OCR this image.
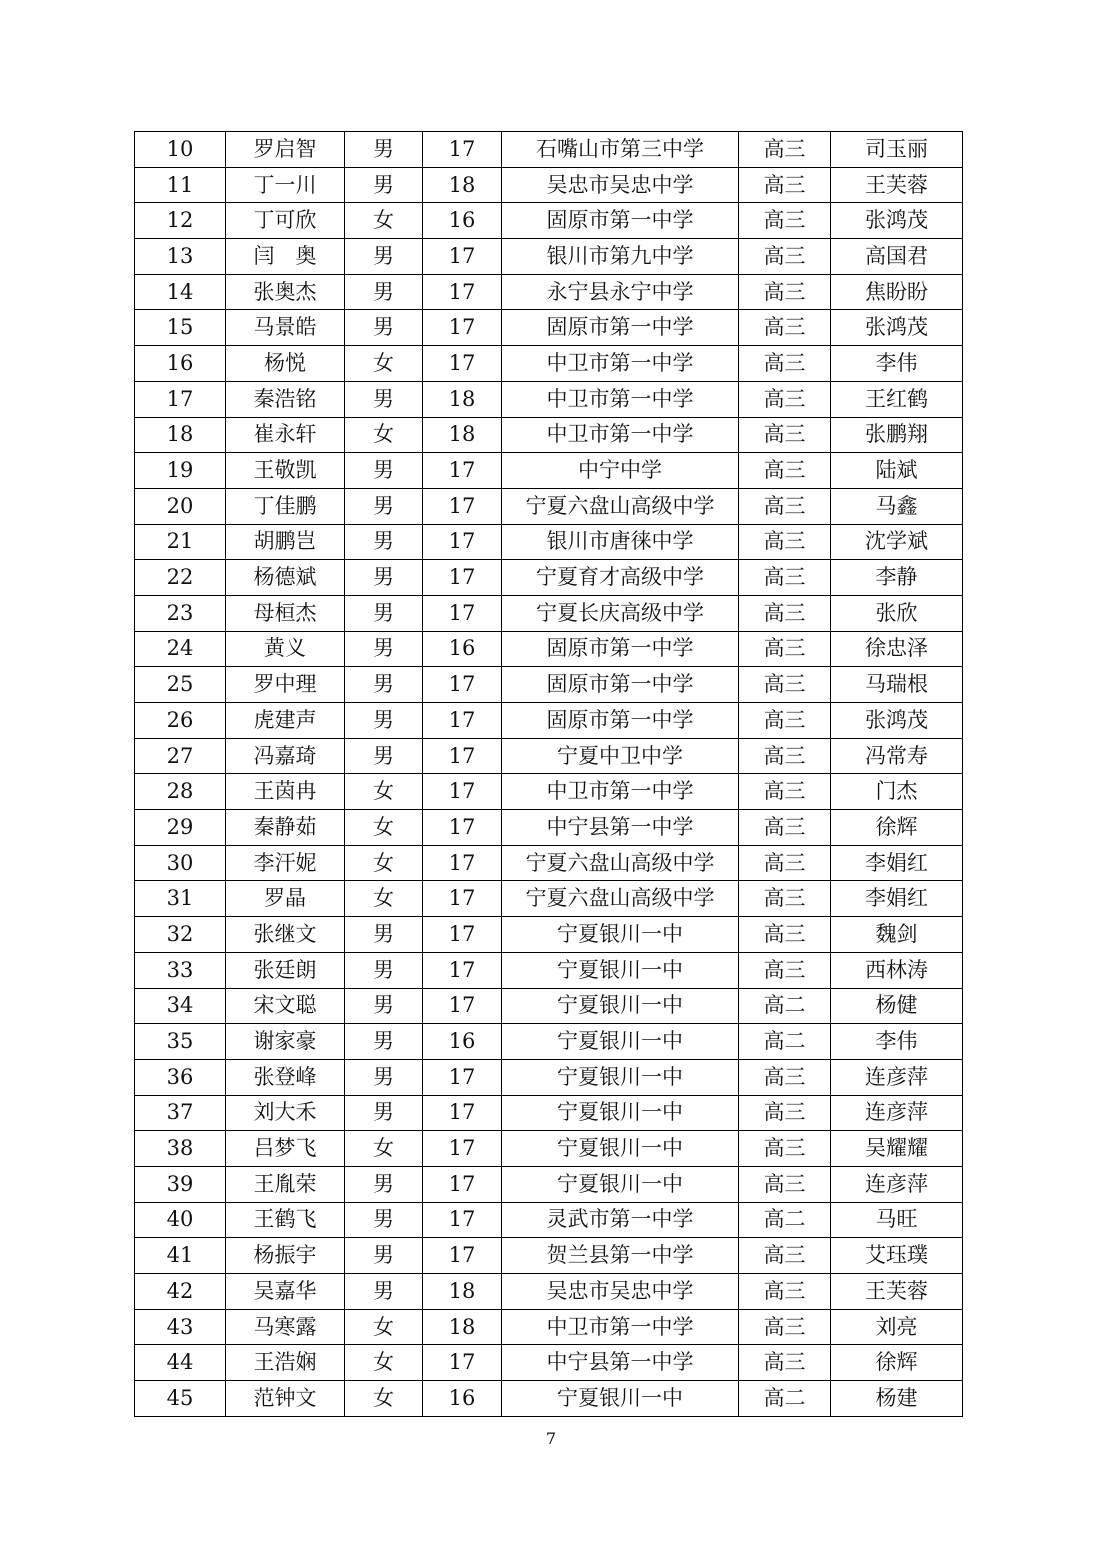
10	罗启智	男	17	石嘴山市第三中学	高三	司玉丽
11	丁一川	男	18	吴忠市吴忠中学	高三	王芙蓉
12	丁可欣	女	16	固原市第一中学	高三	张鸿茂
13	闫　奥	男	17	银川市第九中学	高三	高国君
14	张奥杰	男	17	永宁县永宁中学	高三	焦盼盼
15	马景皓	男	17	固原市第一中学	高三	张鸿茂
16	杨悦	女	17	中卫市第一中学	高三	李伟
17	秦浩铭	男	18	中卫市第一中学	高三	王红鹤
18	崔永轩	女	18	中卫市第一中学	高三	张鹏翔
19	王敬凯	男	17	中宁中学	高三	陆斌
20	丁佳鹏	男	17	宁夏六盘山高级中学	高三	马鑫
21	胡鹏岂	男	17	银川市唐徕中学	高三	沈学斌
22	杨德斌	男	17	宁夏育才高级中学	高三	李静
23	母桓杰	男	17	宁夏长庆高级中学	高三	张欣
24	黄义	男	16	固原市第一中学	高三	徐忠泽
25	罗中理	男	17	固原市第一中学	高三	马瑞根
26	虎建声	男	17	固原市第一中学	高三	张鸿茂
27	冯嘉琦	男	17	宁夏中卫中学	高三	冯常寿
28	王茵冉	女	17	中卫市第一中学	高三	门杰
29	秦静茹	女	17	中宁县第一中学	高三	徐辉
30	李汗妮	女	17	宁夏六盘山高级中学	高三	李娟红
31	罗晶	女	17	宁夏六盘山高级中学	高三	李娟红
32	张继文	男	17	宁夏银川一中	高三	魏剑
33	张廷朗	男	17	宁夏银川一中	高三	西林涛
34	宋文聪	男	17	宁夏银川一中	高二	杨健
35	谢家豪	男	16	宁夏银川一中	高二	李伟
36	张登峰	男	17	宁夏银川一中	高三	连彦萍
37	刘大禾	男	17	宁夏银川一中	高三	连彦萍
38	吕梦飞	女	17	宁夏银川一中	高三	吴耀耀
39	王胤荣	男	17	宁夏银川一中	高三	连彦萍
40	王鹤飞	男	17	灵武市第一中学	高二	马旺
41	杨振宇	男	17	贺兰县第一中学	高三	艾珏璞
42	吴嘉华	男	18	吴忠市吴忠中学	高三	王芙蓉
43	马寒露	女	18	中卫市第一中学	高三	刘亮
44	王浩娴	女	17	中宁县第一中学	高三	徐辉
45	范钟文	女	16	宁夏银川一中	高二	杨建
7
